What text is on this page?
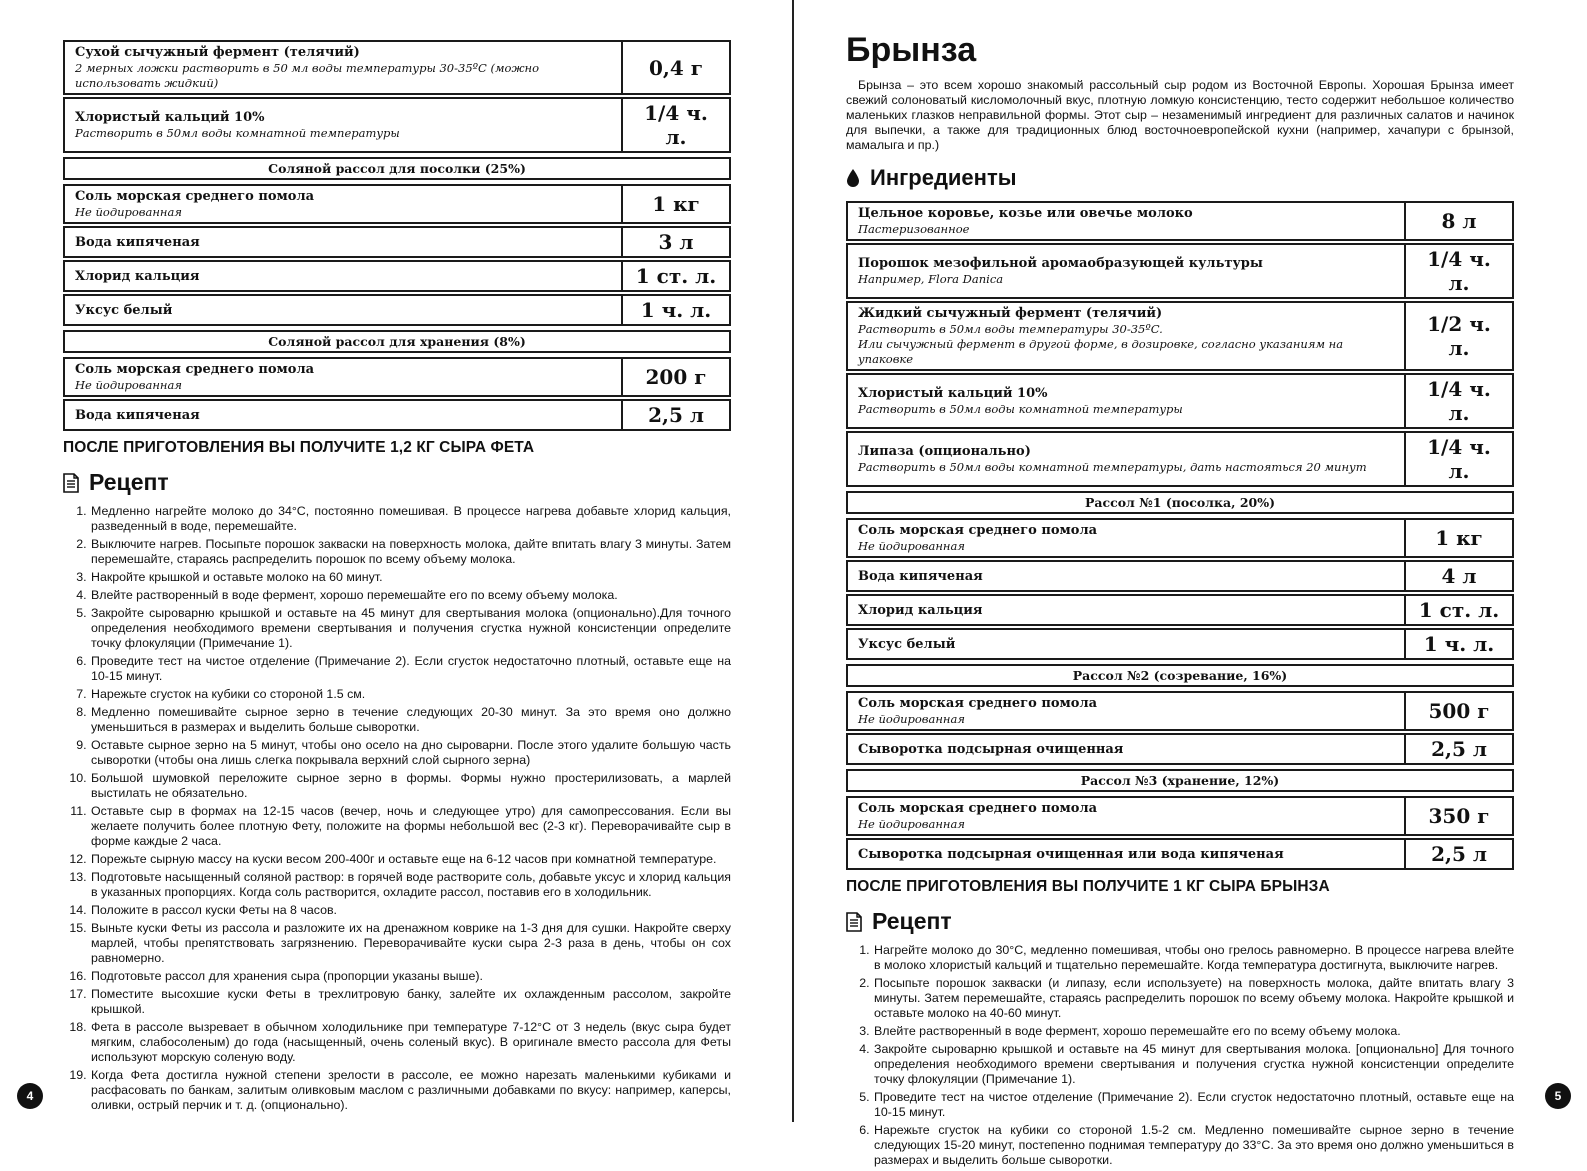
Сухой сычужный фермент (телячий)
2 мерных ложки растворить в 50 мл воды температуры 30-35ºC (можно использовать жидкий)	0,4 г

Хлористый кальций 10%
Растворить в 50мл воды комнатной температуры	1/4 ч. л.
Соляной рассол для посолки (25%)
Соль морская среднего помола
Не йодированная	1 кг

Вода кипяченая	3 л

Хлорид кальция	1 ст. л.

Уксус белый	1 ч. л.
Соляной рассол для хранения (8%)
Соль морская среднего помола
Не йодированная	200 г

Вода кипяченая	2,5 л
ПОСЛЕ ПРИГОТОВЛЕНИЯ ВЫ ПОЛУЧИТЕ 1,2 КГ СЫРА ФЕТА
Рецепт
1. Медленно нагрейте молоко до 34°C, постоянно помешивая. В процессе нагрева добавьте хлорид кальция, разведенный в воде, перемешайте.
2. Выключите нагрев. Посыпьте порошок закваски на поверхность молока, дайте впитать влагу 3 минуты. Затем перемешайте, стараясь распределить порошок по всему объему молока.
3. Накройте крышкой и оставьте молоко на 60 минут.
4. Влейте растворенный в воде фермент, хорошо перемешайте его по всему объему молока.
5. Закройте сыроварню крышкой и оставьте на 45 минут для свертывания молока (опционально).Для точного определения необходимого времени свертывания и получения сгустка нужной консистенции определите точку флокуляции (Примечание 1).
6. Проведите тест на чистое отделение (Примечание 2). Если сгусток недостаточно плотный, оставьте еще на 10-15 минут.
7. Нарежьте сгусток на кубики со стороной 1.5 см.
8. Медленно помешивайте сырное зерно в течение следующих 20-30 минут. За это время оно должно уменьшиться в размерах и выделить больше сыворотки.
9. Оставьте сырное зерно на 5 минут, чтобы оно осело на дно сыроварни. После этого удалите большую часть сыворотки (чтобы она лишь слегка покрывала верхний слой сырного зерна)
10. Большой шумовкой переложите сырное зерно в формы. Формы нужно простерилизовать, а марлей выстилать не обязательно.
11. Оставьте сыр в формах на 12-15 часов (вечер, ночь и следующее утро) для самопрессования. Если вы желаете получить более плотную Фету, положите на формы небольшой вес (2-3 кг). Переворачивайте сыр в форме каждые 2 часа.
12. Порежьте сырную массу на куски весом 200-400г и оставьте еще на 6-12 часов при комнатной температуре.
13. Подготовьте насыщенный соляной раствор: в горячей воде растворите соль, добавьте уксус и хлорид кальция в указанных пропорциях. Когда соль растворится, охладите рассол, поставив его в холодильник.
14. Положите в рассол куски Феты на 8 часов.
15. Выньте куски Феты из рассола и разложите их на дренажном коврике на 1-3 дня для сушки. Накройте сверху марлей, чтобы препятствовать загрязнению. Переворачивайте куски сыра 2-3 раза в день, чтобы он сох равномерно.
16. Подготовьте рассол для хранения сыра (пропорции указаны выше).
17. Поместите высохшие куски Феты в трехлитровую банку, залейте их охлажденным рассолом, закройте крышкой.
18. Фета в рассоле вызревает в обычном холодильнике при температуре 7-12°C от 3 недель (вкус сыра будет мягким, слабосоленым) до года (насыщенный, очень соленый вкус). В оригинале вместо рассола для Феты используют морскую соленую воду.
19. Когда Фета достигла нужной степени зрелости в рассоле, ее можно нарезать маленькими кубиками и расфасовать по банкам, залитым оливковым маслом с различными добавками по вкусу: например, каперсы, оливки, острый перчик и т. д. (опционально).
4
Брынза

Брынза – это всем хорошо знакомый рассольный сыр родом из Восточной Европы. Хорошая Брынза имеет свежий солоноватый кисломолочный вкус, плотную ломкую консистенцию, тесто содержит небольшое количество маленьких глазков неправильной формы. Этот сыр – незаменимый ингредиент для различных салатов и начинок для выпечки, а также для традиционных блюд восточноевропейской кухни (например, хачапури с брынзой, мамалыга и пр.)

Ингредиенты
Цельное коровье, козье или овечье молоко
Пастеризованное	8 л

Порошок мезофильной аромаобразующей культуры
Например, Flora Danica	1/4 ч. л.

Жидкий сычужный фермент (телячий)
Растворить в 50мл воды температуры 30-35ºC.
Или сычужный фермент в другой форме, в дозировке, согласно указаниям на упаковке	1/2 ч. л.

Хлористый кальций 10%
Растворить в 50мл воды комнатной температуры	1/4 ч. л.

Липаза (опционально)
Растворить в 50мл воды комнатной температуры, дать настояться 20 минут	1/4 ч. л.
Рассол №1 (посолка, 20%)
Соль морская среднего помола
Не йодированная	1 кг

Вода кипяченая	4 л

Хлорид кальция	1 ст. л.

Уксус белый	1 ч. л.
Рассол №2 (созревание, 16%)
Соль морская среднего помола
Не йодированная	500 г

Сыворотка подсырная очищенная	2,5 л
Рассол №3 (хранение, 12%)
Соль морская среднего помола
Не йодированная	350 г

Сыворотка подсырная очищенная или вода кипяченая	2,5 л
ПОСЛЕ ПРИГОТОВЛЕНИЯ ВЫ ПОЛУЧИТЕ 1 КГ СЫРА БРЫНЗА
Рецепт
1. Нагрейте молоко до 30°C, медленно помешивая, чтобы оно грелось равномерно. В процессе нагрева влейте в молоко хлористый кальций и тщательно перемешайте. Когда температура достигнута, выключите нагрев.
2. Посыпьте порошок закваски (и липазу, если используете) на поверхность молока, дайте впитать влагу 3 минуты. Затем перемешайте, стараясь распределить порошок по всему объему молока. Накройте крышкой и оставьте молоко на 40-60 минут.
3. Влейте растворенный в воде фермент, хорошо перемешайте его по всему объему молока.
4. Закройте сыроварню крышкой и оставьте на 45 минут для свертывания молока. [опционально] Для точного определения необходимого времени свертывания и получения сгустка нужной консистенции определите точку флокуляции (Примечание 1).
5. Проведите тест на чистое отделение (Примечание 2). Если сгусток недостаточно плотный, оставьте еще на 10-15 минут.
6. Нарежьте сгусток на кубики со стороной 1.5-2 см. Медленно помешивайте сырное зерно в течение следующих 15-20 минут, постепенно поднимая температуру до 33°C. За это время оно должно уменьшиться в размерах и выделить больше сыворотки.
5
